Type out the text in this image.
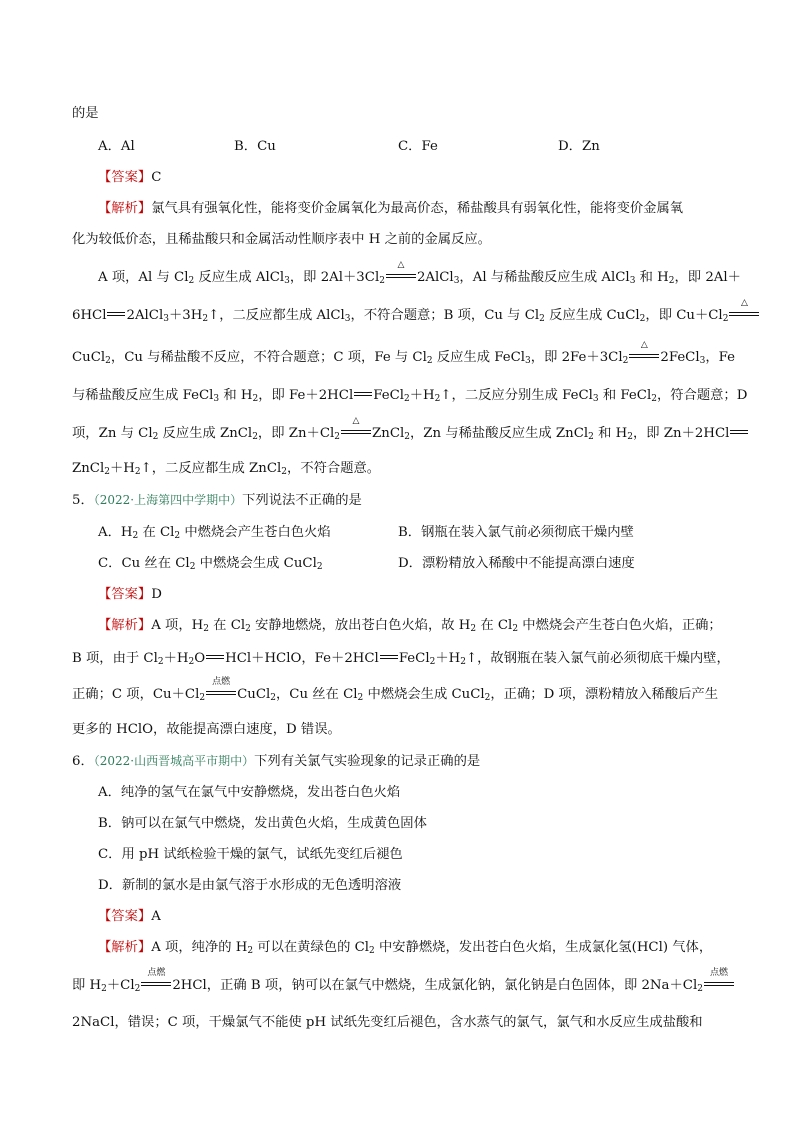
的是
A．Al	B．Cu	C．Fe	D．Zn
【答案】C
【解析】氯气具有强氧化性，能将变价金属氧化为最高价态，稀盐酸具有弱氧化性，能将变价金属氧
化为较低价态，且稀盐酸只和金属活动性顺序表中 H 之前的金属反应。
A 项，Al 与 $Cl_2$ 反应生成 AlCl$_3$，即 $2Al+3Cl_2$
△
2AlCl$_3$，Al 与稀盐酸反应生成 AlCl$_3$ 和 $H_2$，即 2Al＋
6HCl $2AlCl_3+3H_2↑$，二反应都生成 AlCl$_3$，不符合题意；B 项，Cu 与 $Cl_2$ 反应生成 CuCl$_2$，即 $Cu+Cl_2$
△
CuCl$_2$，Cu 与稀盐酸不反应，不符合题意；C 项，Fe 与 $Cl_2$ 反应生成 FeCl$_3$，即 $2Fe+3Cl_2$
△
2FeCl$_3$，Fe
与稀盐酸反应生成 FeCl$_3$ 和 $H_2$，即 Fe＋2HCl $FeCl_2+H_2↑$，二反应分别生成 FeCl$_3$ 和 FeCl$_2$，符合题意；D
项，Zn 与 $Cl_2$ 反应生成 ZnCl$_2$，即 $Zn+Cl_2$
△
ZnCl$_2$，Zn 与稀盐酸反应生成 ZnCl$_2$ 和 $H_2$，即 Zn＋2HCl
$ZnCl_2+H_2↑$，二反应都生成 ZnCl$_2$，不符合题意。
5．（2022·上海第四中学期中）下列说法不正确的是
A．$H_2$ 在 $Cl_2$ 中燃烧会产生苍白色火焰	B．钢瓶在装入氯气前必须彻底干燥内壁
C．Cu 丝在 $Cl_2$ 中燃烧会生成 CuCl$_2$	D．漂粉精放入稀酸中不能提高漂白速度
【答案】D
【解析】A 项，$H_2$ 在 $Cl_2$ 安静地燃烧，放出苍白色火焰，故 $H_2$ 在 $Cl_2$ 中燃烧会产生苍白色火焰，正确；
B 项，由于 $Cl_2+H_2O$ HCl＋HClO，Fe＋2HCl $FeCl_2+H_2↑$，故钢瓶在装入氯气前必须彻底干燥内壁，
正确；C 项，$Cu+Cl_2$
点燃
CuCl$_2$，Cu 丝在 $Cl_2$ 中燃烧会生成 CuCl$_2$，正确；D 项，漂粉精放入稀酸后产生
更多的 HClO，故能提高漂白速度，D 错误。
6．（2022·山西晋城高平市期中）下列有关氯气实验现象的记录正确的是
A．纯净的氢气在氯气中安静燃烧，发出苍白色火焰
B．钠可以在氯气中燃烧，发出黄色火焰，生成黄色固体
C．用 pH 试纸检验干燥的氯气，试纸先变红后褪色
D．新制的氯水是由氯气溶于水形成的无色透明溶液
【答案】A
【解析】A 项，纯净的 $H_2$ 可以在黄绿色的 $Cl_2$ 中安静燃烧，发出苍白色火焰，生成氯化氢(HCl) 气体，
即 $H_2+Cl_2$
点燃
2HCl，正确 B 项，钠可以在氯气中燃烧，生成氯化钠，氯化钠是白色固体，即 $2Na+Cl_2$
点燃
2NaCl，错误；C 项，干燥氯气不能使 pH 试纸先变红后褪色，含水蒸气的氯气，氯气和水反应生成盐酸和
